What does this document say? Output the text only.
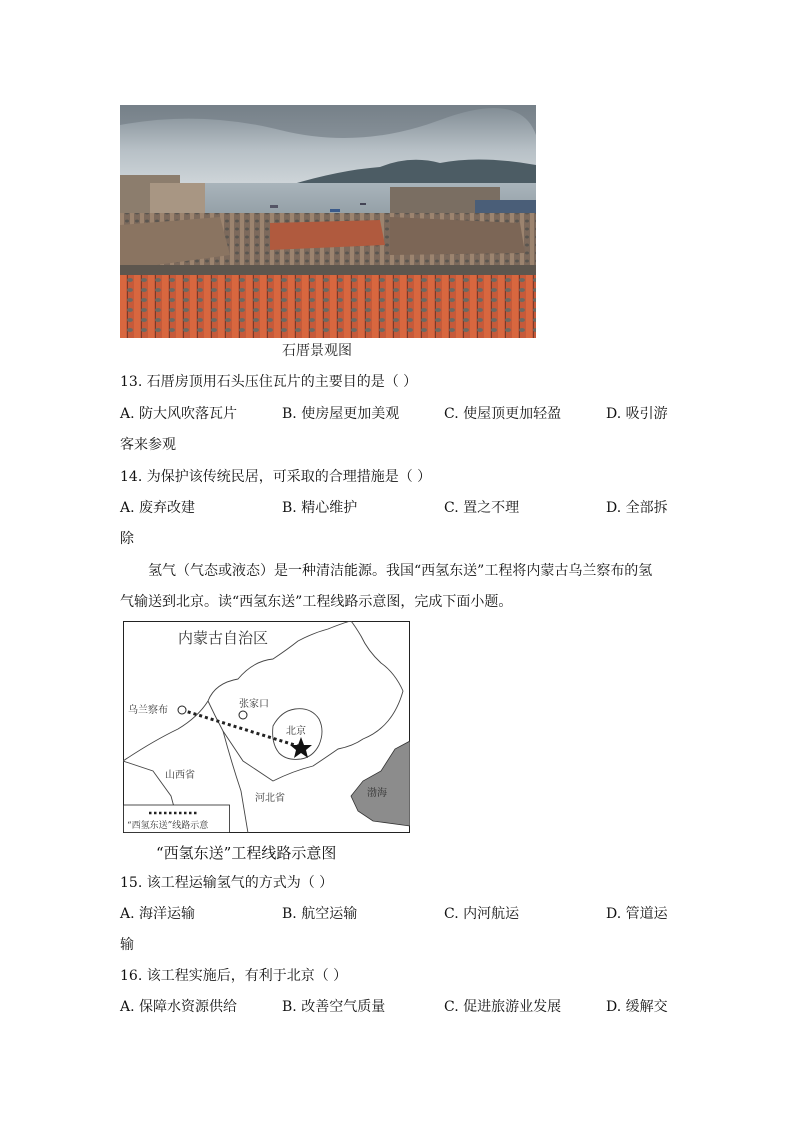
石厝景观图
13. 石厝房顶用石头压住瓦片的主要目的是（ ）
A. 防大风吹落瓦片	B. 使房屋更加美观	C. 使屋顶更加轻盈	D. 吸引游
客来参观
14. 为保护该传统民居，可采取的合理措施是（ ）
A. 废弃改建	B. 精心维护	C. 置之不理	D. 全部拆
除
氢气（气态或液态）是一种清洁能源。我国“西氢东送”工程将内蒙古乌兰察布的氢
气输送到北京。读“西氢东送”工程线路示意图，完成下面小题。
内蒙古自治区
乌兰察布
张家口
北京
山西省
河北省	渤海
“西氢东送”线路示意
“西氢东送”工程线路示意图
15. 该工程运输氢气的方式为（ ）
A. 海洋运输	B. 航空运输	C. 内河航运	D. 管道运
输
16. 该工程实施后，有利于北京（ ）
A. 保障水资源供给	B. 改善空气质量	C. 促进旅游业发展	D. 缓解交
